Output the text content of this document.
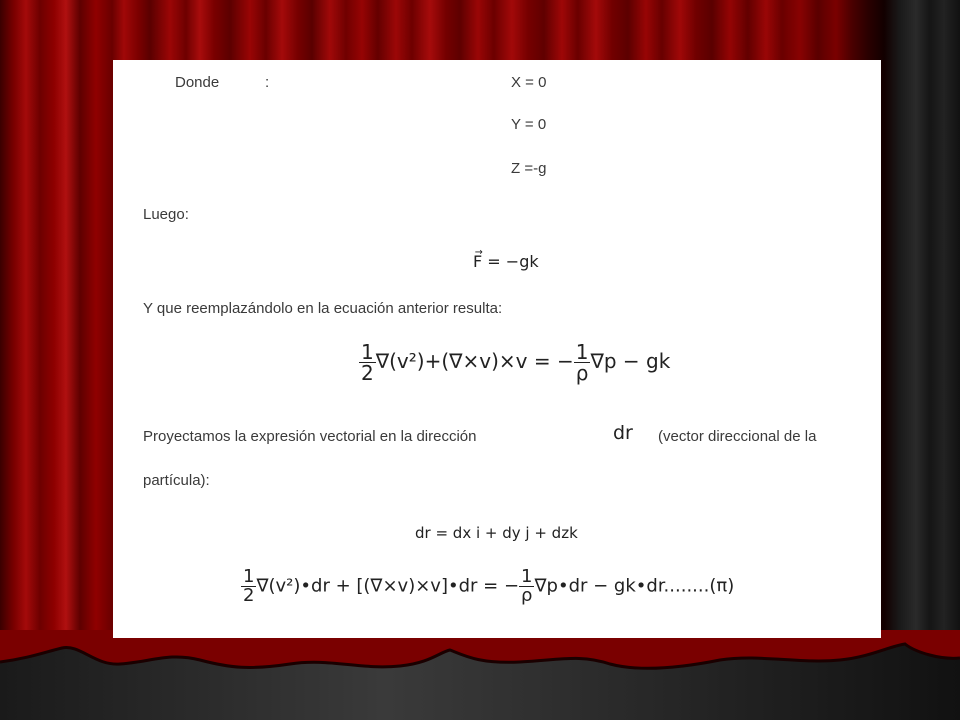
Donde	:	X = 0
Y = 0
Z =-g
Luego:
→ F = −gk
Y que reemplazándolo en la ecuación anterior resulta:
$\frac{1}{2} \nabla(v^2)+(\nabla\times v)\times v$ = − $\frac{1}{\rho} \nabla p$ − gk
Proyectamos la expresión vectorial en la dirección	dr (vector direccional de la
partícula):
dr = dx i + dy j + dzk
$\frac{1}{2}$ ∇(v²)•dr + [(∇×v)×v]•dr = − $\frac{1}{\rho}$ ∇p•dr − gk•dr........(π)
